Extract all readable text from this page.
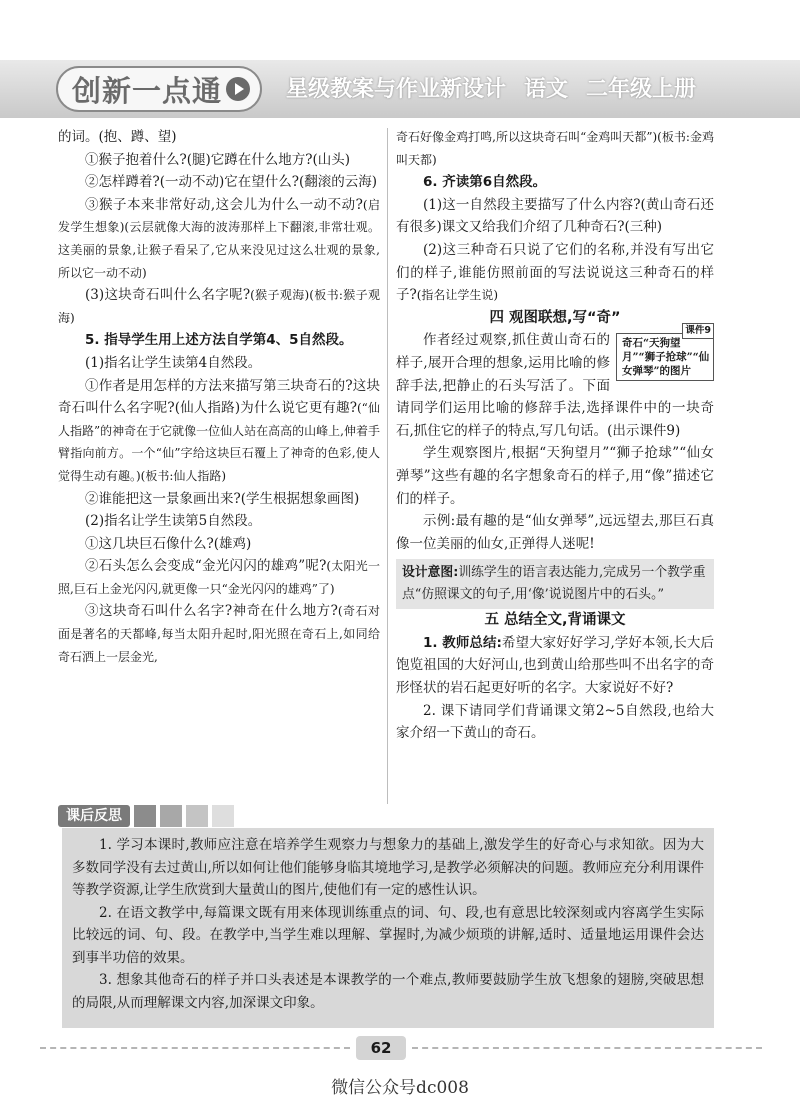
创新一点通	星级教案与作业新设计 语文 二年级上册

的词。(抱、蹲、望)

①猴子抱着什么?(腿)它蹲在什么地方?(山头)

②怎样蹲着?(一动不动)它在望什么?(翻滚的云海)

③猴子本来非常好动,这会儿为什么一动不动?(启发学生想象)(云层就像大海的波涛那样上下翻滚,非常壮观。这美丽的景象,让猴子看呆了,它从来没见过这么壮观的景象,所以它一动不动)

(3)这块奇石叫什么名字呢?(猴子观海)(板书:猴子观海)

5. 指导学生用上述方法自学第4、5自然段。

(1)指名让学生读第4自然段。

①作者是用怎样的方法来描写第三块奇石的?这块奇石叫什么名字呢?(仙人指路)为什么说它更有趣?(“仙人指路”的神奇在于它就像一位仙人站在高高的山峰上,伸着手臂指向前方。一个“仙”字给这块巨石覆上了神奇的色彩,使人觉得生动有趣。)(板书:仙人指路)

②谁能把这一景象画出来?(学生根据想象画图)

(2)指名让学生读第5自然段。

①这几块巨石像什么?(雄鸡)

②石头怎么会变成“金光闪闪的雄鸡”呢?(太阳光一照,巨石上金光闪闪,就更像一只“金光闪闪的雄鸡”了)

③这块奇石叫什么名字?神奇在什么地方?(奇石对面是著名的天都峰,每当太阳升起时,阳光照在奇石上,如同给奇石洒上一层金光,

奇石好像金鸡打鸣,所以这块奇石叫“金鸡叫天都”)(板书:金鸡叫天都)

6. 齐读第6自然段。

(1)这一自然段主要描写了什么内容?(黄山奇石还有很多)课文又给我们介绍了几种奇石?(三种)

(2)这三种奇石只说了它们的名称,并没有写出它们的样子,谁能仿照前面的写法说说这三种奇石的样子?(指名让学生说)

四 观图联想,写“奇”

课件9
奇石“天狗望月”“狮子抢球”“仙女弹琴”的图片

作者经过观察,抓住黄山奇石的样子,展开合理的想象,运用比喻的修辞手法,把静止的石头写活了。下面请同学们运用比喻的修辞手法,选择课件中的一块奇石,抓住它的样子的特点,写几句话。(出示课件9)

学生观察图片,根据“天狗望月”“狮子抢球”“仙女弹琴”这些有趣的名字想象奇石的样子,用“像”描述它们的样子。

示例:最有趣的是“仙女弹琴”,远远望去,那巨石真像一位美丽的仙女,正弹得人迷呢!

设计意图:训练学生的语言表达能力,完成另一个教学重点“仿照课文的句子,用‘像’说说图片中的石头。”

五 总结全文,背诵课文

1. 教师总结:希望大家好好学习,学好本领,长大后饱览祖国的大好河山,也到黄山给那些叫不出名字的奇形怪状的岩石起更好听的名字。大家说好不好?

2. 课下请同学们背诵课文第2~5自然段,也给大家介绍一下黄山的奇石。

课后反思

1. 学习本课时,教师应注意在培养学生观察力与想象力的基础上,激发学生的好奇心与求知欲。因为大多数同学没有去过黄山,所以如何让他们能够身临其境地学习,是教学必须解决的问题。教师应充分利用课件等教学资源,让学生欣赏到大量黄山的图片,使他们有一定的感性认识。

2. 在语文教学中,每篇课文既有用来体现训练重点的词、句、段,也有意思比较深刻或内容离学生实际比较远的词、句、段。在教学中,当学生难以理解、掌握时,为减少烦琐的讲解,适时、适量地运用课件会达到事半功倍的效果。

3. 想象其他奇石的样子并口头表述是本课教学的一个难点,教师要鼓励学生放飞想象的翅膀,突破思想的局限,从而理解课文内容,加深课文印象。

62
微信公众号dc008
